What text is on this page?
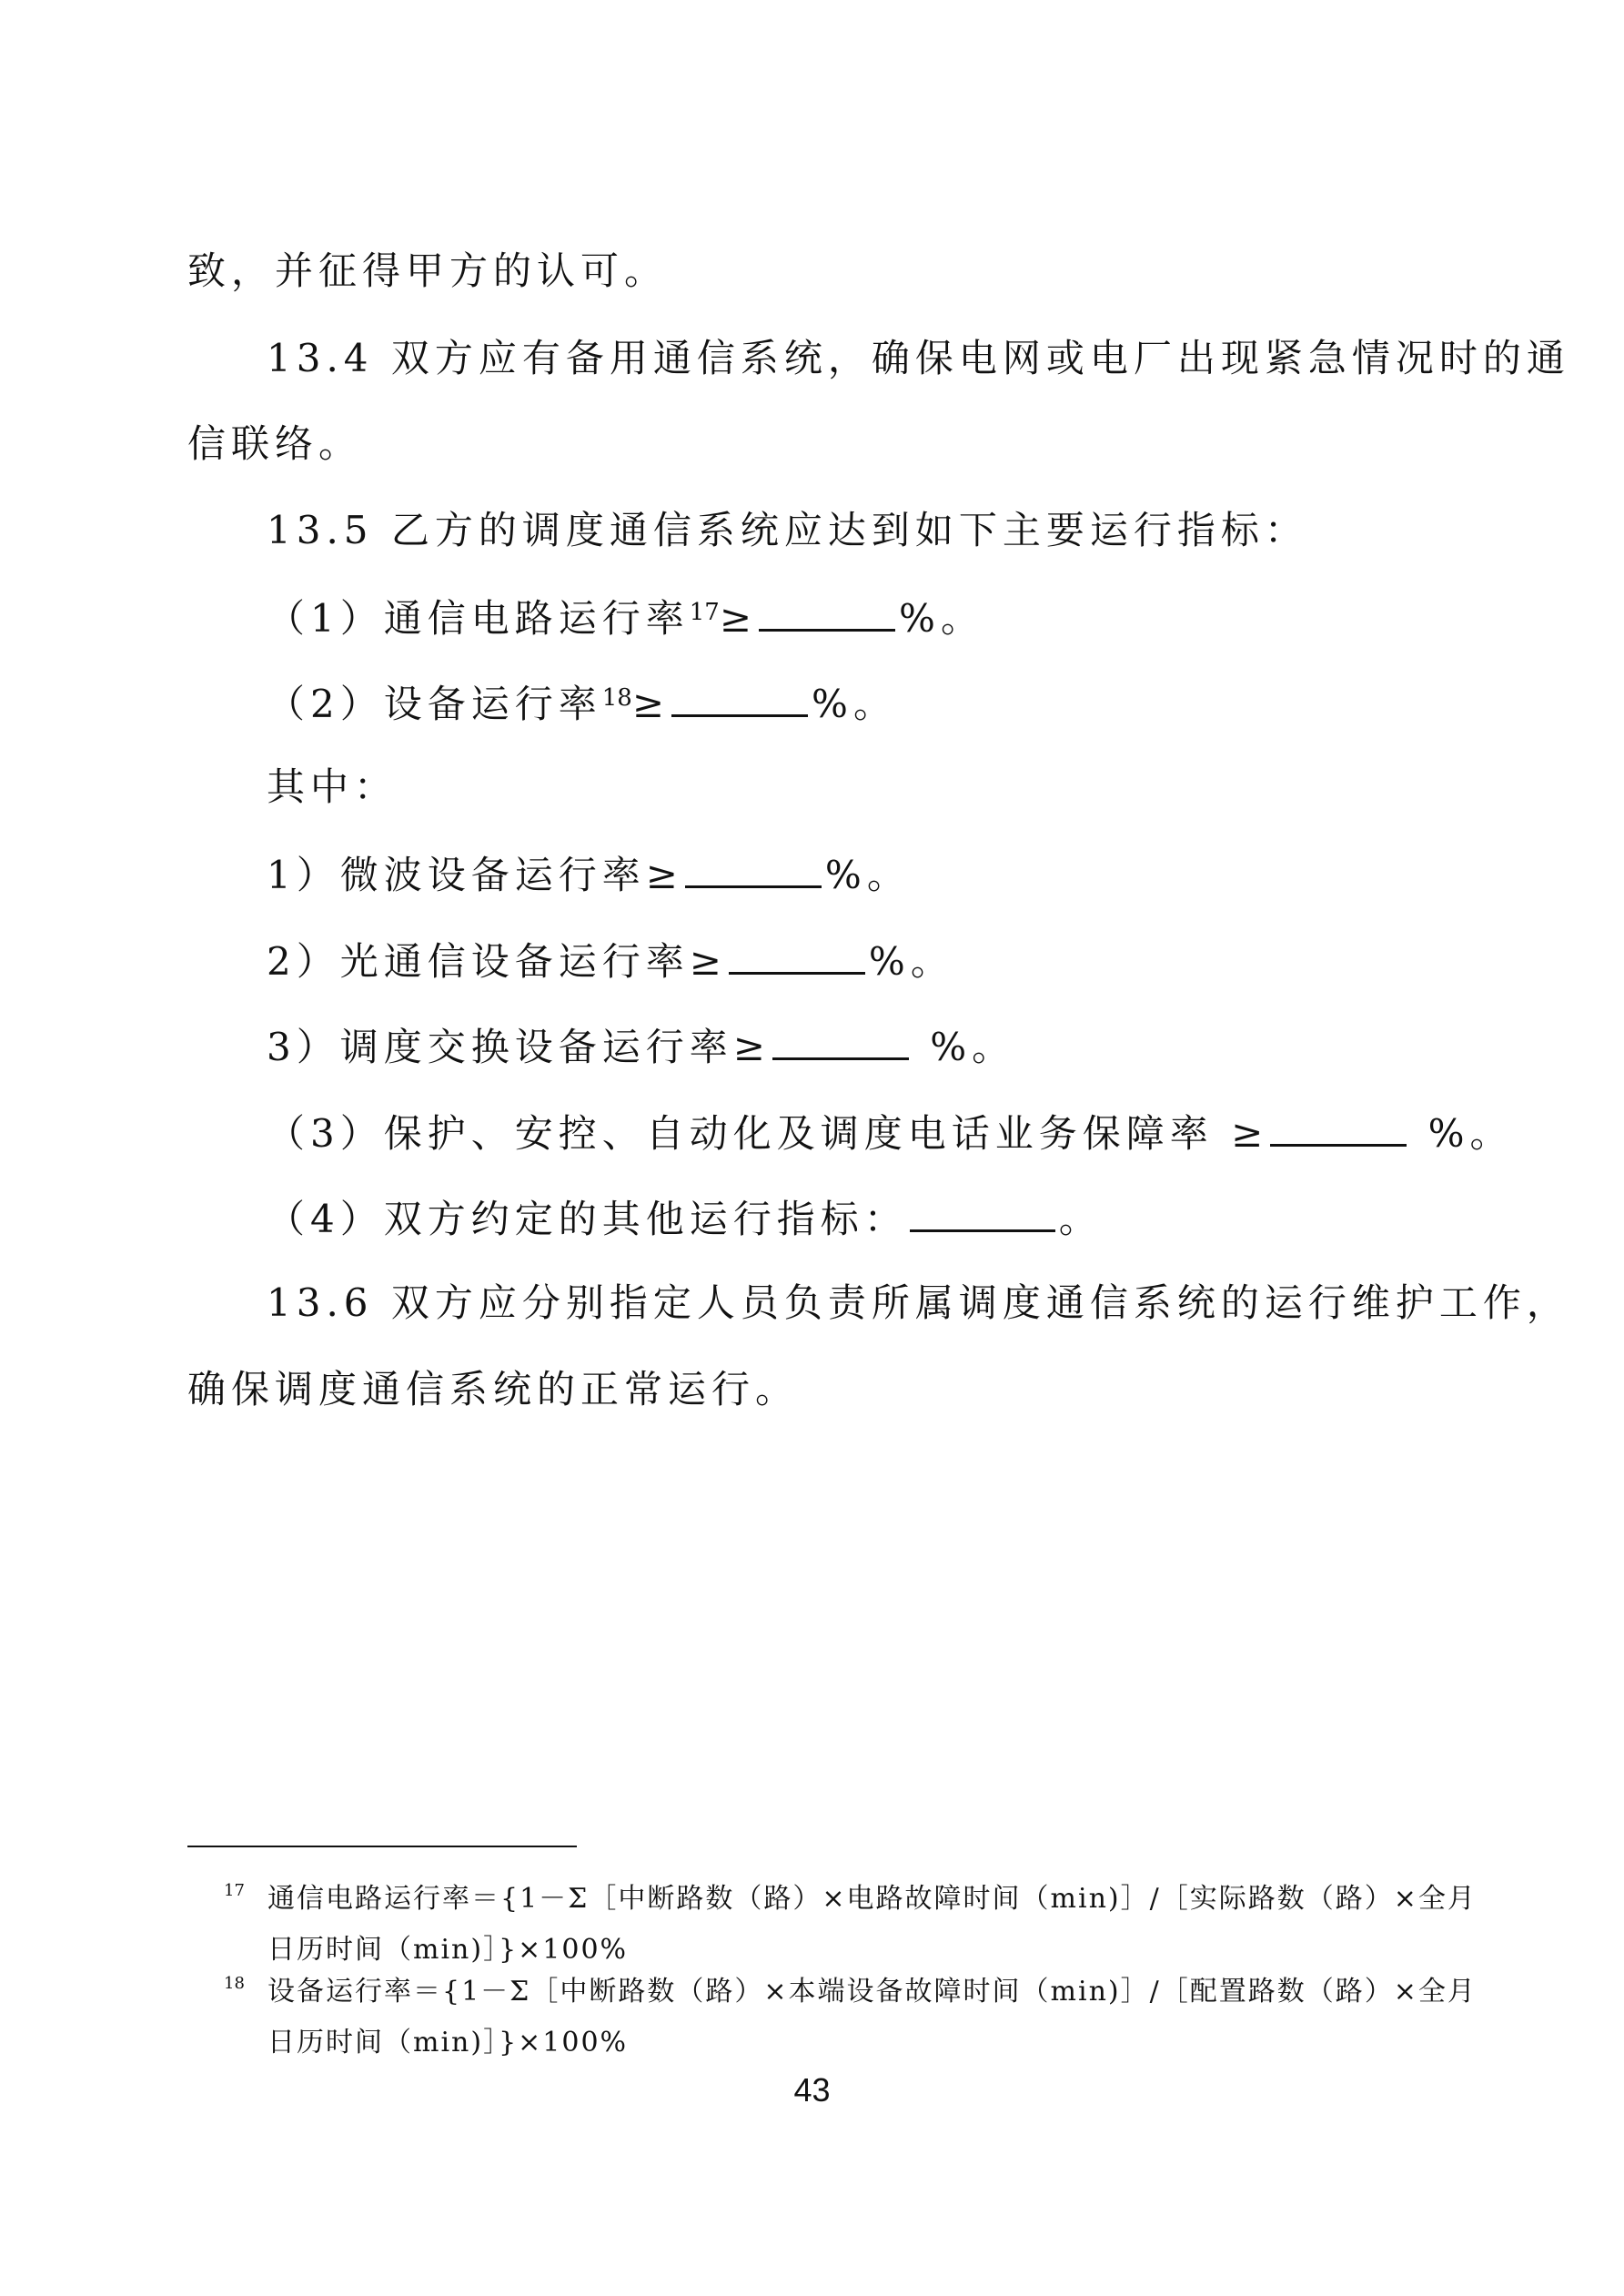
致，并征得甲方的认可。
13.4 双方应有备用通信系统，确保电网或电厂出现紧急情况时的通
信联络。
13.5 乙方的调度通信系统应达到如下主要运行指标：
（1）通信电路运行率$^{17}$≥	%。
（2）设备运行率$^{18}$≥	%。
其中：
1）微波设备运行率≥	%。
2）光通信设备运行率≥	%。
3）调度交换设备运行率≥	%。
（3）保护、安控、自动化及调度电话业务保障率 ≥	%。
（4）双方约定的其他运行指标：	。
13.6 双方应分别指定人员负责所属调度通信系统的运行维护工作，
确保调度通信系统的正常运行。
17 通信电路运行率＝{1－Σ［中断路数（路）×电路故障时间（min)］/［实际路数（路）×全月
日历时间（min)］}×100%
18 设备运行率＝{1－Σ［中断路数（路）×本端设备故障时间（min)］/［配置路数（路）×全月
日历时间（min)］}×100%
43
